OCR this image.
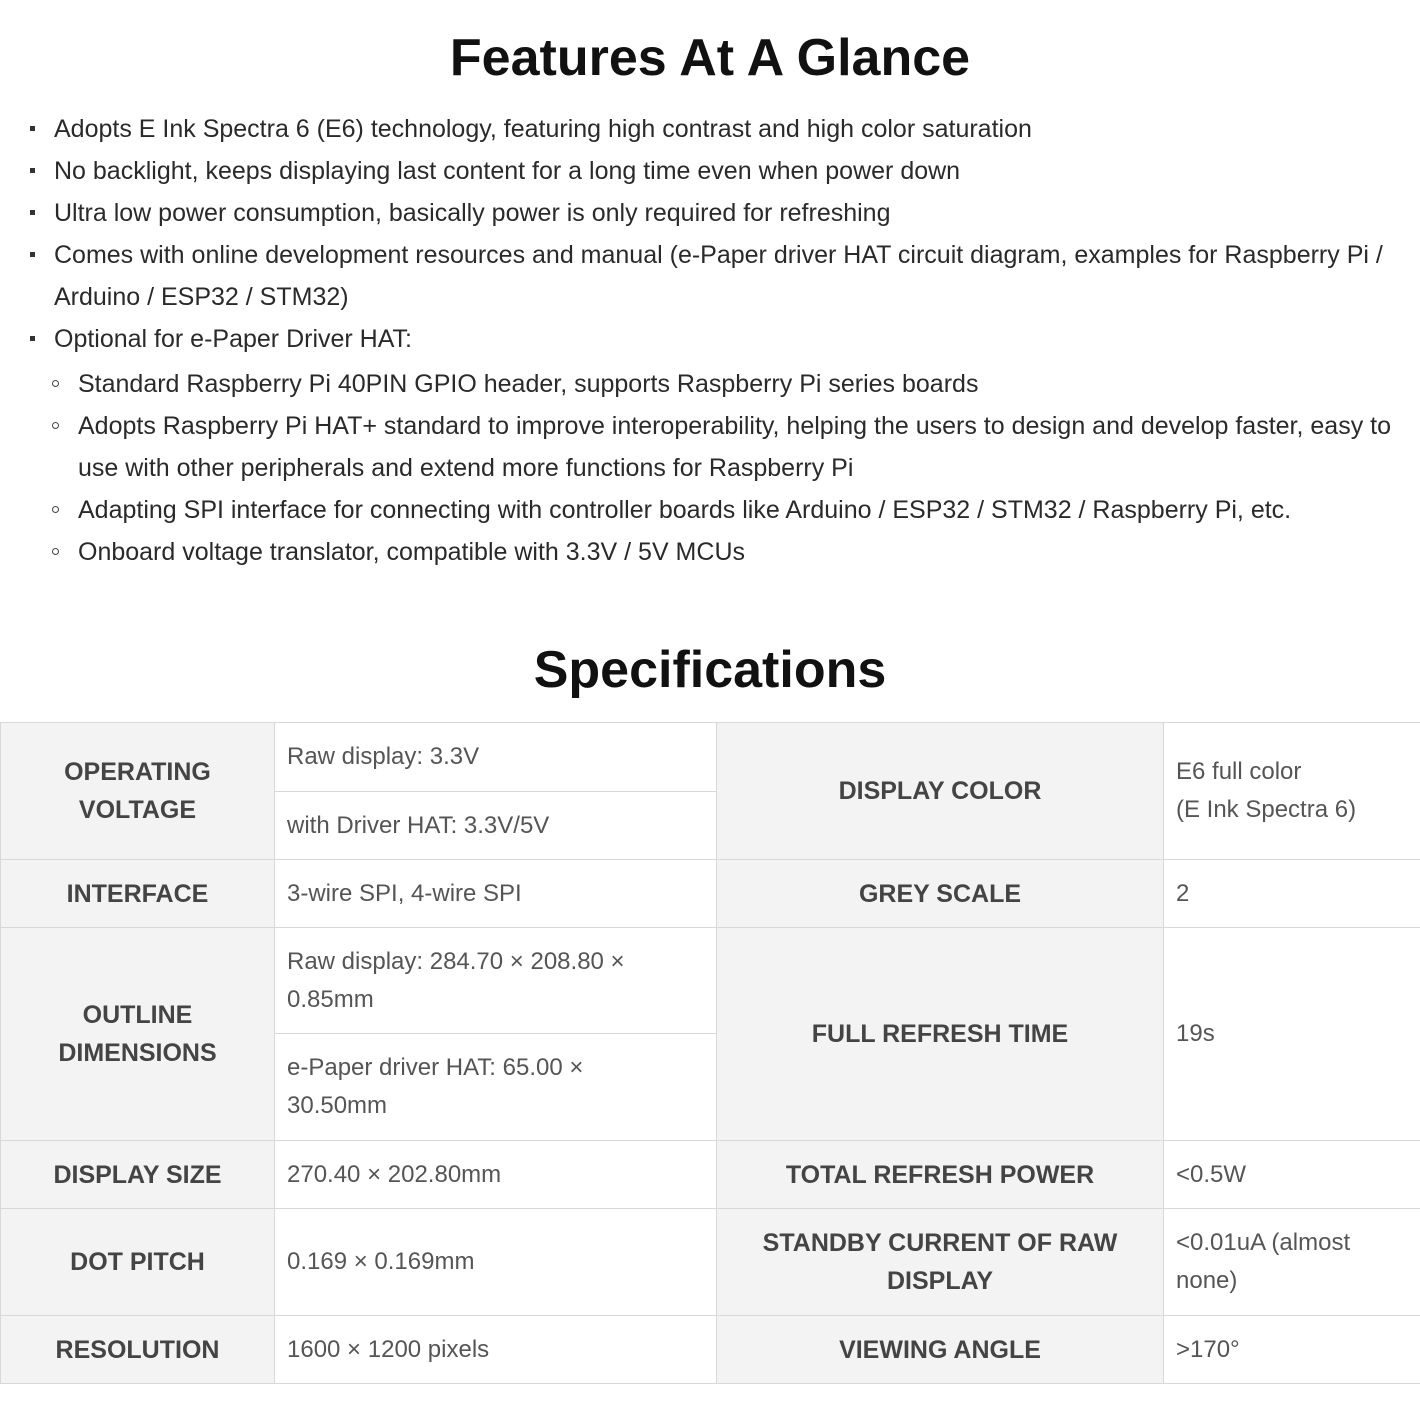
Features At A Glance
Adopts E Ink Spectra 6 (E6) technology, featuring high contrast and high color saturation
No backlight, keeps displaying last content for a long time even when power down
Ultra low power consumption, basically power is only required for refreshing
Comes with online development resources and manual (e-Paper driver HAT circuit diagram, examples for Raspberry Pi / Arduino / ESP32 / STM32)
Optional for e-Paper Driver HAT:
Standard Raspberry Pi 40PIN GPIO header, supports Raspberry Pi series boards
Adopts Raspberry Pi HAT+ standard to improve interoperability, helping the users to design and develop faster, easy to use with other peripherals and extend more functions for Raspberry Pi
Adapting SPI interface for connecting with controller boards like Arduino / ESP32 / STM32 / Raspberry Pi, etc.
Onboard voltage translator, compatible with 3.3V / 5V MCUs
Specifications
OPERATING VOLTAGE	Raw display: 3.3V	DISPLAY COLOR	E6 full color
(E Ink Spectra 6)

	with Driver HAT: 3.3V/5V		
INTERFACE	3-wire SPI, 4-wire SPI	GREY SCALE	2
OUTLINE DIMENSIONS	Raw display: 284.70 × 208.80 × 0.85mm	FULL REFRESH TIME	19s
	e-Paper driver HAT: 65.00 × 30.50mm		
DISPLAY SIZE	270.40 × 202.80mm	TOTAL REFRESH POWER	<0.5W
DOT PITCH	0.169 × 0.169mm	STANDBY CURRENT OF RAW DISPLAY	<0.01uA (almost none)
RESOLUTION	1600 × 1200 pixels	VIEWING ANGLE	>170°
